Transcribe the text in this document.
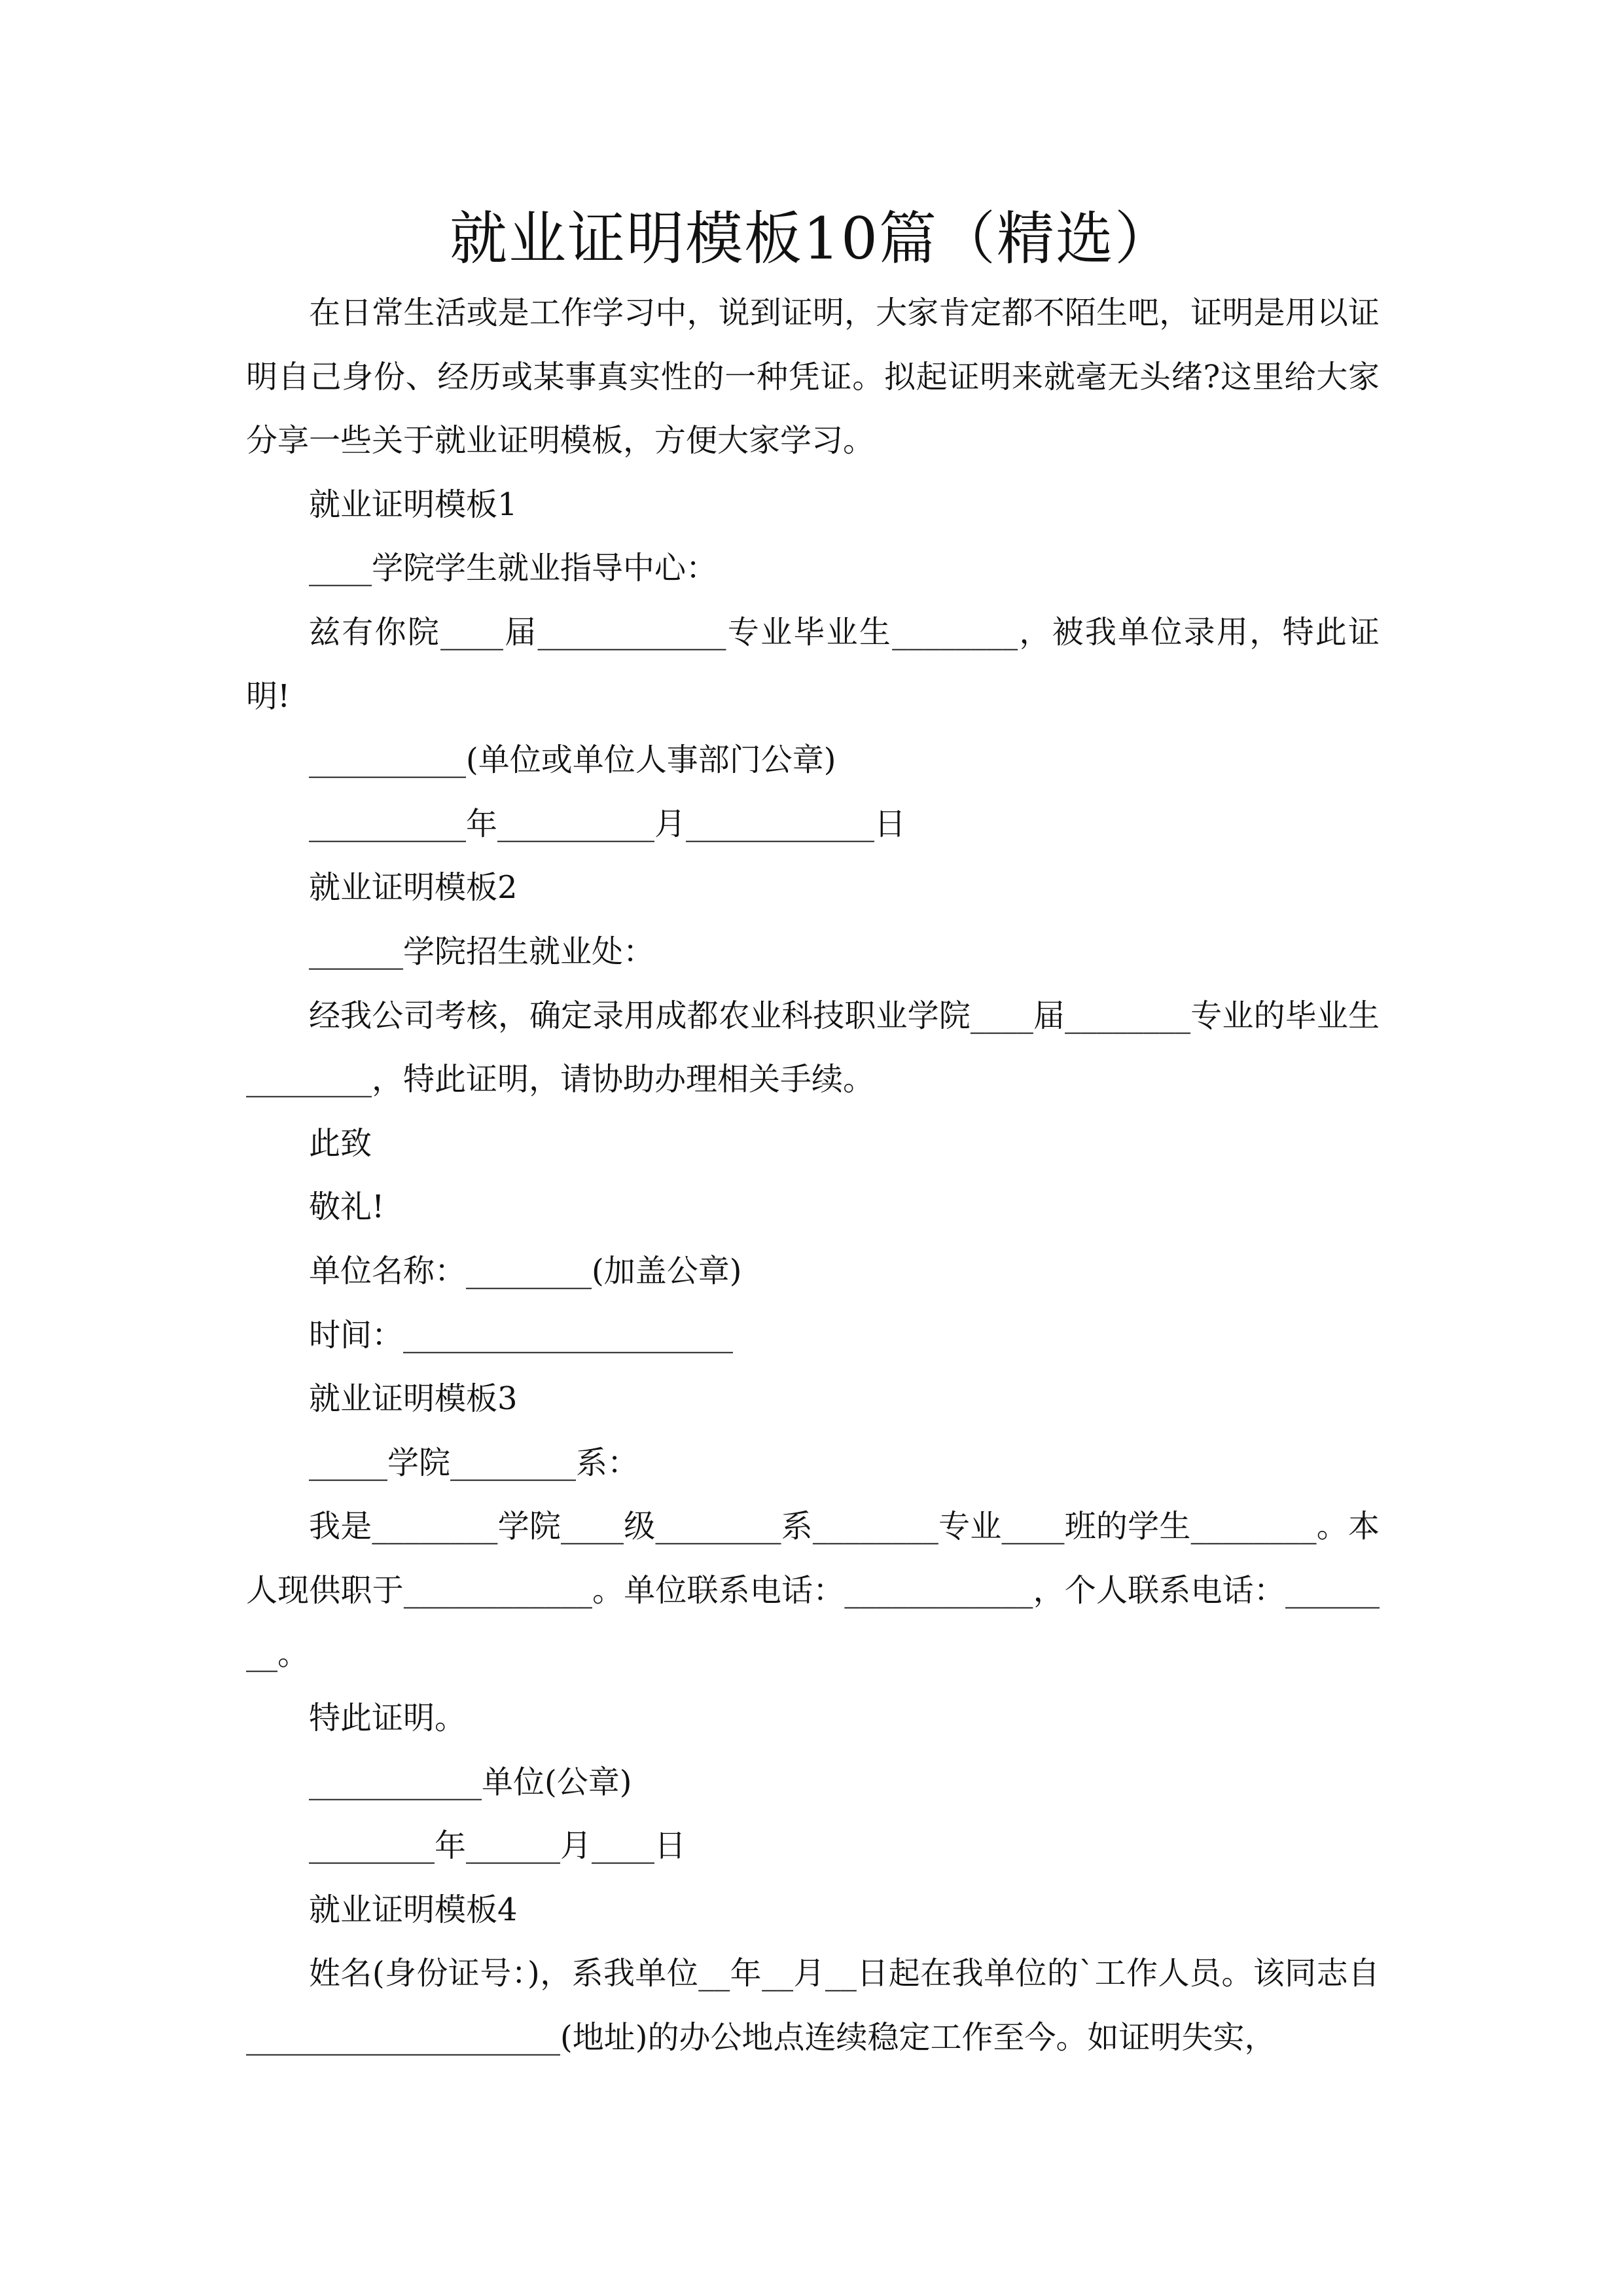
就业证明模板10篇（精选）

在日常生活或是工作学习中，说到证明，大家肯定都不陌生吧，证明是用以证明自己身份、经历或某事真实性的一种凭证。拟起证明来就毫无头绪?这里给大家分享一些关于就业证明模板，方便大家学习。

就业证明模板1

____学院学生就业指导中心：

兹有你院____届____________专业毕业生________，被我单位录用，特此证明!

__________(单位或单位人事部门公章)

__________年__________月____________日

就业证明模板2

______学院招生就业处：

经我公司考核，确定录用成都农业科技职业学院____届________专业的毕业生________，特此证明，请协助办理相关手续。

此致

敬礼!

单位名称：________(加盖公章)

时间：_____________________

就业证明模板3

_____学院________系：

我是________学院____级________系________专业____班的学生________。本人现供职于____________。单位联系电话：____________，个人联系电话：________。

特此证明。

___________单位(公章)

________年______月____日

就业证明模板4

姓名(身份证号：)，系我单位__年__月__日起在我单位的`工作人员。该同志自____________________(地址)的办公地点连续稳定工作至今。如证明失实，
